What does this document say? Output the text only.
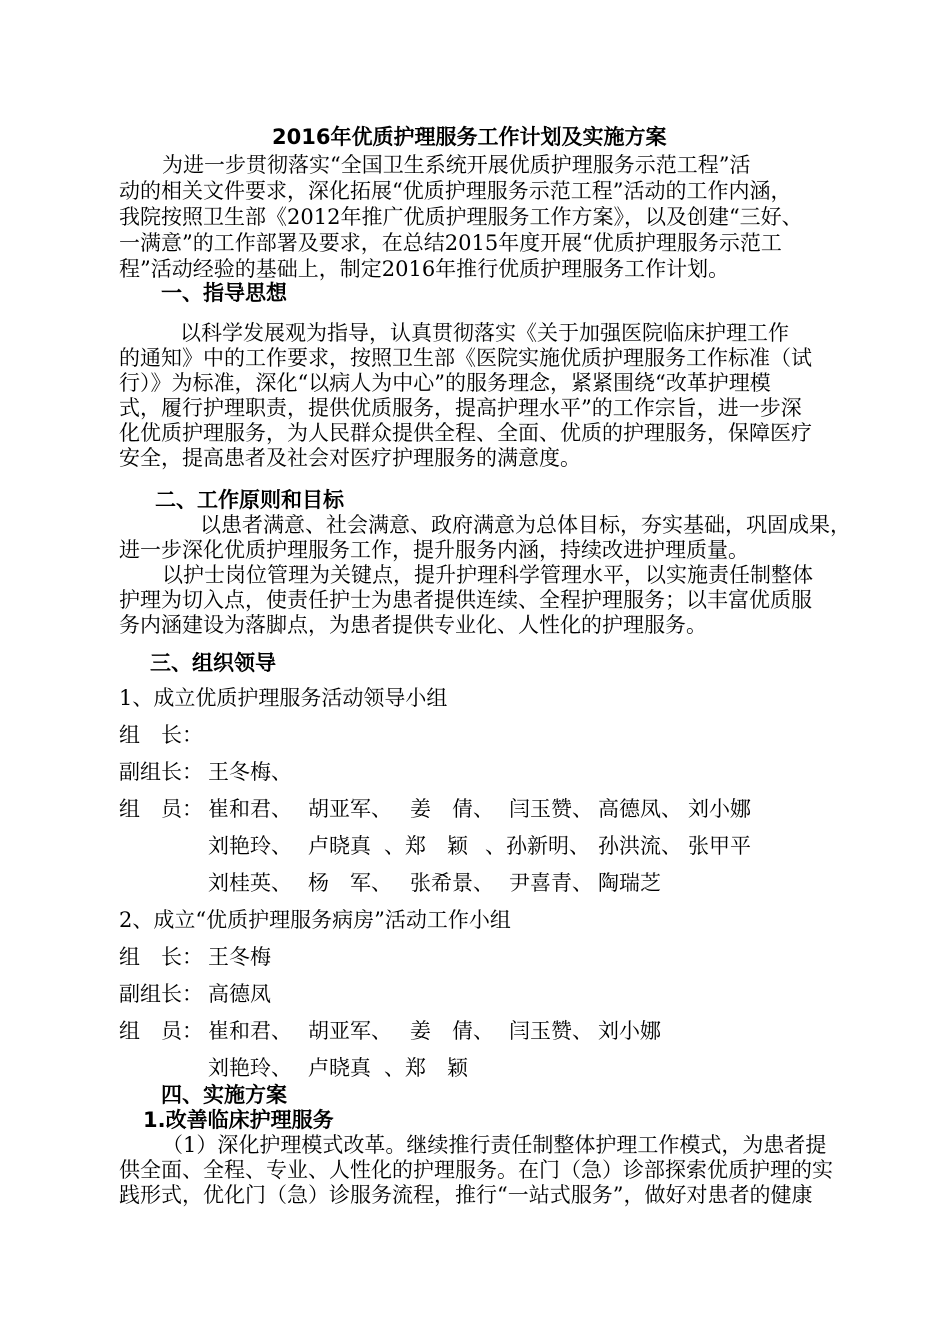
2016年优质护理服务工作计划及实施方案
为进一步贯彻落实“全国卫生系统开展优质护理服务示范工程”活
动的相关文件要求，深化拓展“优质护理服务示范工程”活动的工作内涵，
我院按照卫生部《2012年推广优质护理服务工作方案》，以及创建“三好、
一满意”的工作部署及要求，在总结2015年度开展“优质护理服务示范工
程”活动经验的基础上，制定2016年推行优质护理服务工作计划。
一、指导思想
以科学发展观为指导，认真贯彻落实《关于加强医院临床护理工作
的通知》中的工作要求，按照卫生部《医院实施优质护理服务工作标准（试
行）》为标准，深化“以病人为中心”的服务理念，紧紧围绕“改革护理模
式，履行护理职责，提供优质服务，提高护理水平”的工作宗旨，进一步深
化优质护理服务，为人民群众提供全程、全面、优质的护理服务，保障医疗
安全，提高患者及社会对医疗护理服务的满意度。
二、工作原则和目标
以患者满意、社会满意、政府满意为总体目标，夯实基础，巩固成果，
进一步深化优质护理服务工作，提升服务内涵，持续改进护理质量。
以护士岗位管理为关键点，提升护理科学管理水平，以实施责任制整体
护理为切入点，使责任护士为患者提供连续、全程护理服务；以丰富优质服
务内涵建设为落脚点，为患者提供专业化、人性化的护理服务。
三、组织领导
1、成立优质护理服务活动领导小组
组　长：
副组长： 王冬梅、
组　员： 崔和君、 胡亚军、 姜　倩、 闫玉赞、 高德凤、 刘小娜
刘艳玲、 卢晓真 、郑　颖 、孙新明、 孙洪流、 张甲平
刘桂英、 杨　军、 张希景、 尹喜青、 陶瑞芝
2、成立“优质护理服务病房”活动工作小组
组　长： 王冬梅
副组长： 高德凤
组　员： 崔和君、 胡亚军、 姜　倩、 闫玉赞、 刘小娜
刘艳玲、 卢晓真 、郑　颖
四、实施方案
1.改善临床护理服务
（1）深化护理模式改革。继续推行责任制整体护理工作模式，为患者提
供全面、全程、专业、人性化的护理服务。在门（急）诊部探索优质护理的实
践形式，优化门（急）诊服务流程，推行“一站式服务”，做好对患者的健康
